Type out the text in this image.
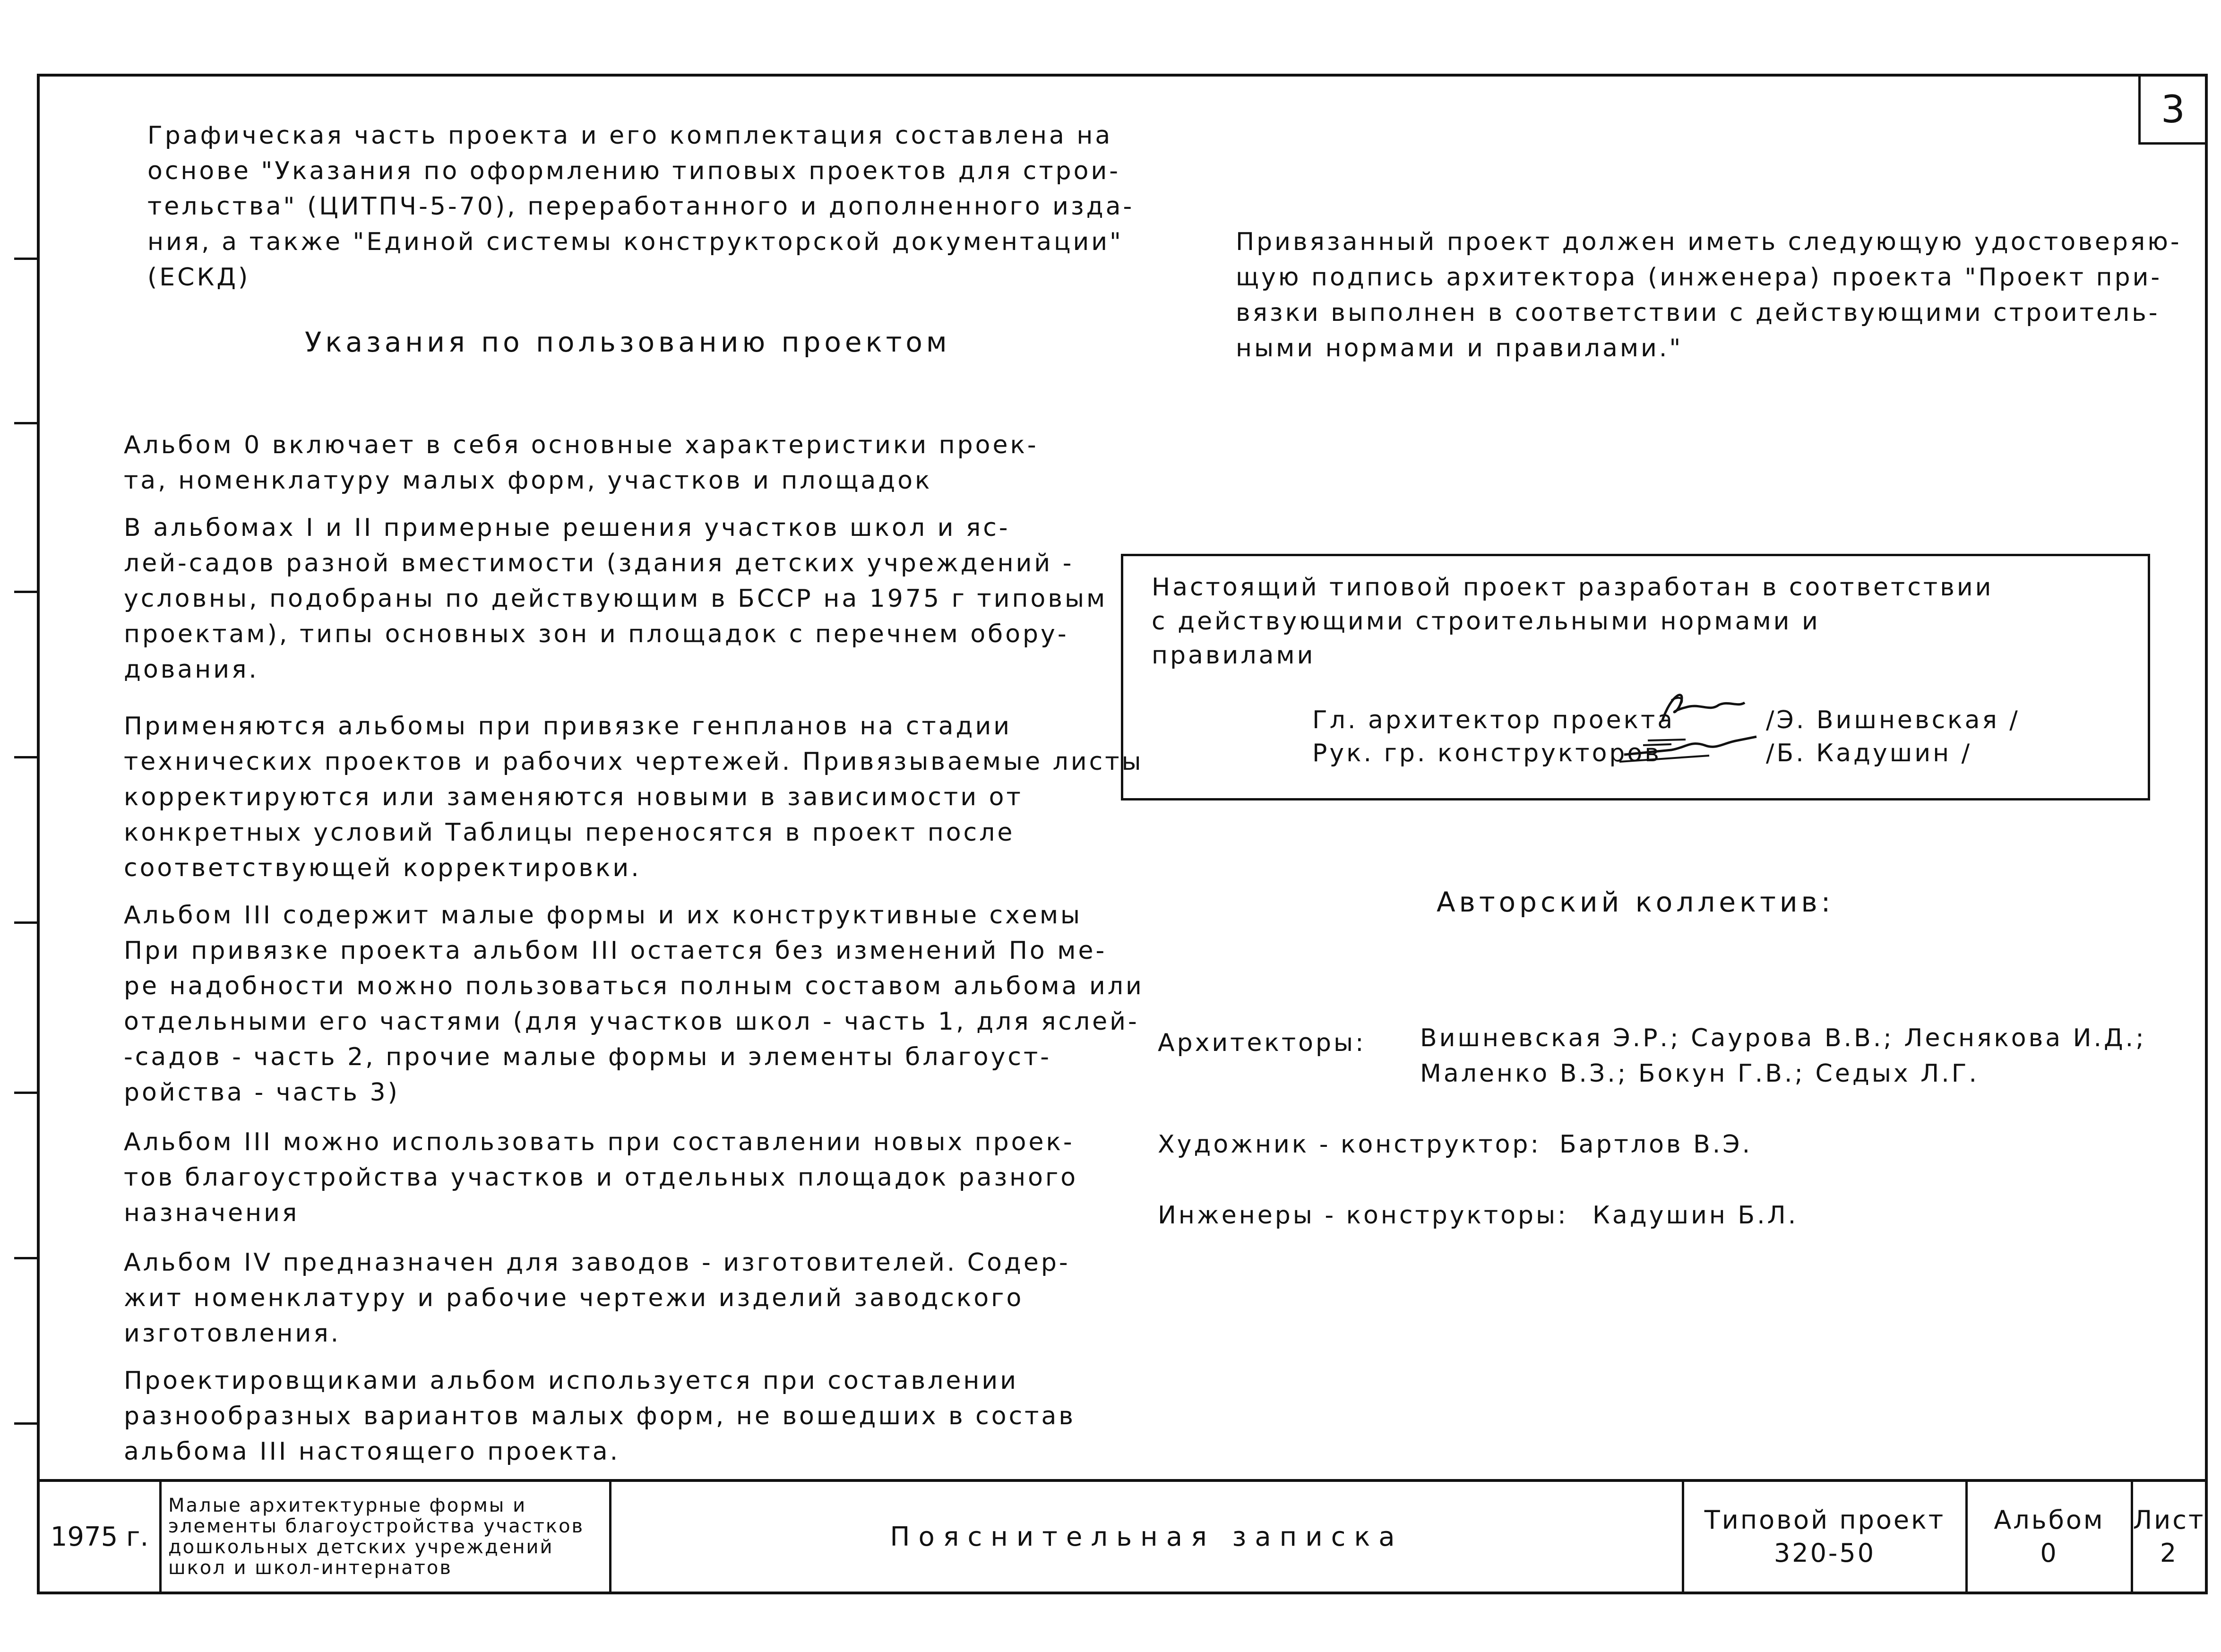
3
Графическая часть проекта и его комплектация составлена на
основе "Указания по оформлению типовых проектов для строи-
тельства" (ЦИТПЧ-5-70), переработанного и дополненного изда-
ния, а также "Единой системы конструкторской документации"
(ЕСКД)
Указания по пользованию проектом
Альбом 0 включает в себя основные характеристики проек-
та, номенклатуру малых форм, участков и площадок
В альбомах I и II примерные решения участков школ и яс-
лей-садов разной вместимости (здания детских учреждений -
условны, подобраны по действующим в БССР на 1975 г типовым
проектам), типы основных зон и площадок с перечнем обору-
дования.
Применяются альбомы при привязке генпланов на стадии
технических проектов и рабочих чертежей. Привязываемые листы
корректируются или заменяются новыми в зависимости от
конкретных условий Таблицы переносятся в проект после
соответствующей корректировки.
Альбом III содержит малые формы и их конструктивные схемы
При привязке проекта альбом III остается без изменений По ме-
ре надобности можно пользоваться полным составом альбома или
отдельными его частями (для участков школ - часть 1, для яслей-
-садов - часть 2, прочие малые формы и элементы благоуст-
ройства - часть 3)
Альбом III можно использовать при составлении новых проек-
тов благоустройства участков и отдельных площадок разного
назначения
Альбом IV предназначен для заводов - изготовителей. Содер-
жит номенклатуру и рабочие чертежи изделий заводского
изготовления.
Проектировщиками альбом используется при составлении
разнообразных вариантов малых форм, не вошедших в состав
альбома III настоящего проекта.
Привязанный проект должен иметь следующую удостоверяю-
щую подпись архитектора (инженера) проекта "Проект при-
вязки выполнен в соответствии с действующими строитель-
ными нормами и правилами."
Настоящий типовой проект разработан в соответствии
с действующими строительными нормами и
правилами
Гл. архитектор проекта	/Э. Вишневская /
Рук. гр. конструкторов	/Б. Кадушин /
Авторский коллектив:
Архитекторы: Вишневская Э.Р.; Саурова В.В.; Леснякова И.Д.;
Маленко В.З.; Бокун Г.В.; Седых Л.Г.
Художник - конструктор: Бартлов В.Э.
Инженеры - конструкторы: Кадушин Б.Л.
1975 г.
Малые архитектурные формы и
элементы благоустройства участков
дошкольных детских учреждений
школ и школ-интернатов
Пояснительная записка
Типовой проект
320-50
Альбом
0
Лист
2
